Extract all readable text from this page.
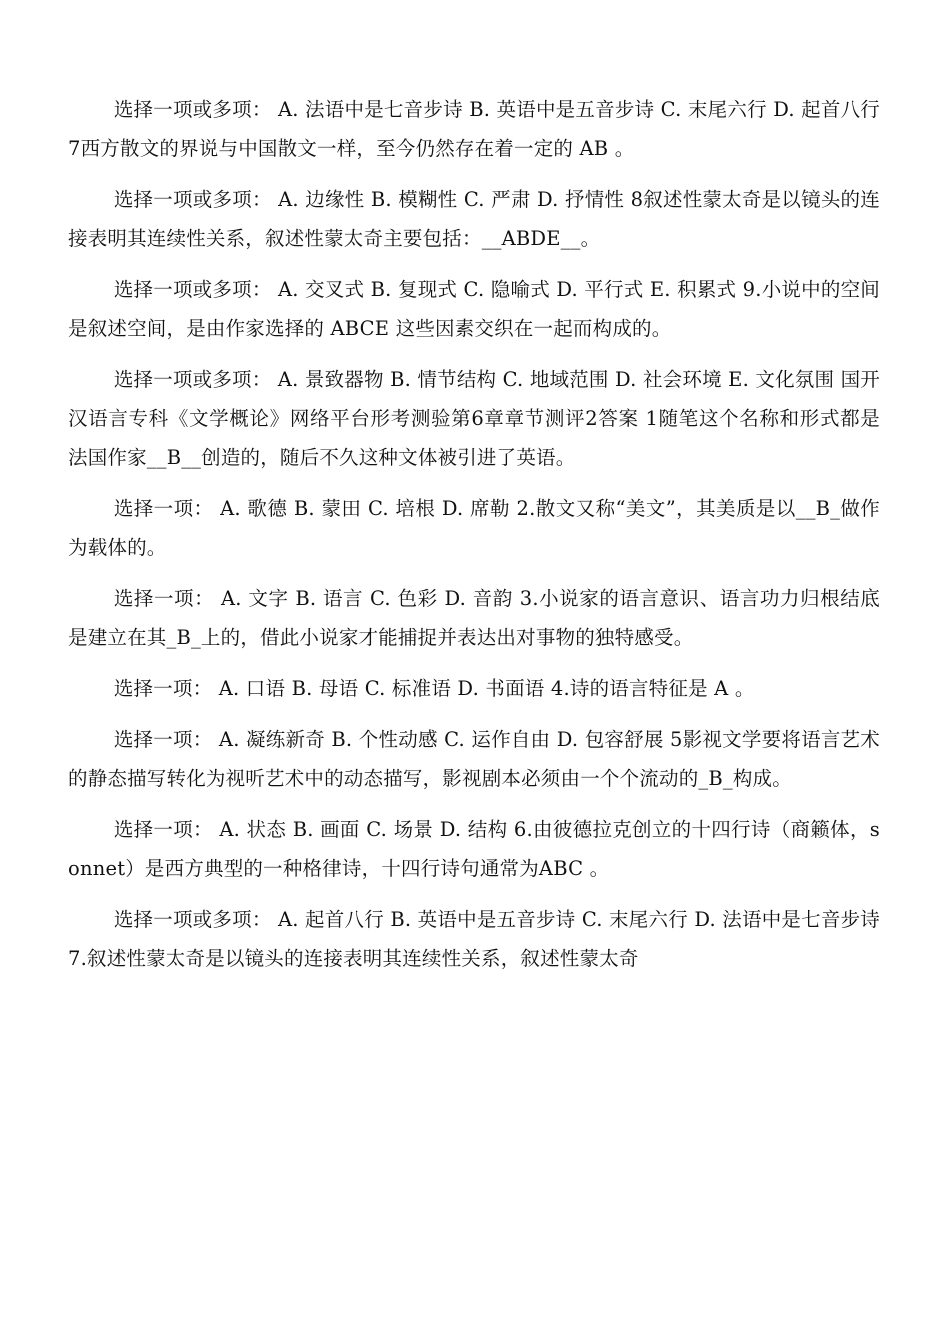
选择一项或多项： A. 法语中是七音步诗 B. 英语中是五音步诗 C. 末尾六行 D. 起首八行 7西方散文的界说与中国散文一样，至今仍然存在着一定的 AB 。

选择一项或多项： A. 边缘性 B. 模糊性 C. 严肃 D. 抒情性 8叙述性蒙太奇是以镜头的连接表明其连续性关系，叙述性蒙太奇主要包括：__ABDE__。

选择一项或多项： A. 交叉式 B. 复现式 C. 隐喻式 D. 平行式 E. 积累式 9.小说中的空间是叙述空间，是由作家选择的 ABCE 这些因素交织在一起而构成的。

选择一项或多项： A. 景致器物 B. 情节结构 C. 地域范围 D. 社会环境 E. 文化氛围 国开汉语言专科《文学概论》网络平台形考测验第6章章节测评2答案 1随笔这个名称和形式都是法国作家__B__创造的，随后不久这种文体被引进了英语。

选择一项： A. 歌德 B. 蒙田 C. 培根 D. 席勒 2.散文又称“美文”，其美质是以__B_做作为载体的。

选择一项： A. 文字 B. 语言 C. 色彩 D. 音韵 3.小说家的语言意识、语言功力归根结底是建立在其_B_上的，借此小说家才能捕捉并表达出对事物的独特感受。

选择一项： A. 口语 B. 母语 C. 标准语 D. 书面语 4.诗的语言特征是 A 。

选择一项： A. 凝练新奇 B. 个性动感 C. 运作自由 D. 包容舒展 5影视文学要将语言艺术的静态描写转化为视听艺术中的动态描写，影视剧本必须由一个个流动的_B_构成。

选择一项： A. 状态 B. 画面 C. 场景 D. 结构 6.由彼德拉克创立的十四行诗（商籁体，sonnet）是西方典型的一种格律诗，十四行诗句通常为ABC 。

选择一项或多项： A. 起首八行 B. 英语中是五音步诗 C. 末尾六行 D. 法语中是七音步诗 7.叙述性蒙太奇是以镜头的连接表明其连续性关系，叙述性蒙太奇
